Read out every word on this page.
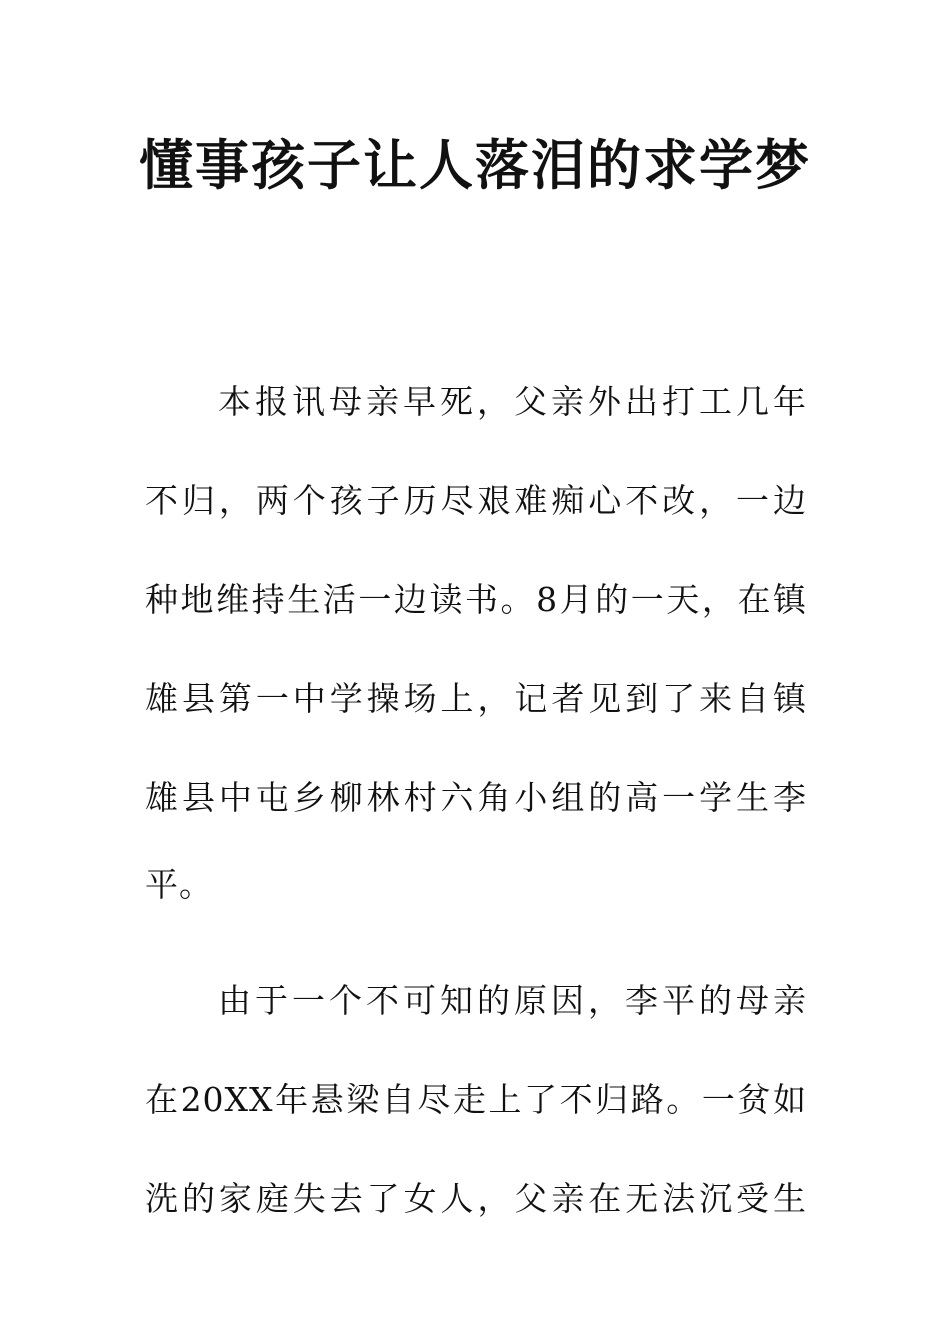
懂事孩子让人落泪的求学梦
本报讯母亲早死，父亲外出打工几年
不归，两个孩子历尽艰难痴心不改，一边
种地维持生活一边读书。8月的一天，在镇
雄县第一中学操场上，记者见到了来自镇
雄县中屯乡柳林村六角小组的高一学生李
平。
由于一个不可知的原因，李平的母亲
在20XX年悬梁自尽走上了不归路。一贫如
洗的家庭失去了女人，父亲在无法沉受生
